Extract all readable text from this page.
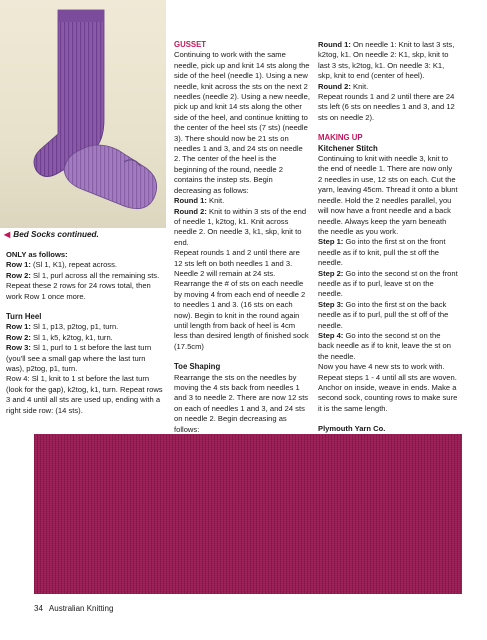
◀ Bed Socks continued.

ONLY as follows:
Row 1: (Sl 1, K1), repeat across.
Row 2: Sl 1, purl across all the remaining sts. Repeat these 2 rows for 24 rows total, then work Row 1 once more.

Turn Heel
Row 1: Sl 1, p13, p2tog, p1, turn.
Row 2: Sl 1, k5, k2tog, k1, turn.
Row 3: Sl 1, purl to 1 st before the last turn (you'll see a small gap where the last turn was), p2tog, p1, turn.
Row 4: Sl 1, knit to 1 st before the last turn (look for the gap), k2tog, k1, turn. Repeat rows 3 and 4 until all sts are used up, ending with a right side row: (14 sts).

GUSSET
Continuing to work with the same needle, pick up and knit 14 sts along the side of the heel (needle 1). Using a new needle, knit across the sts on the next 2 needles (needle 2). Using a new needle, pick up and knit 14 sts along the other side of the heel, and continue knitting to the center of the heel sts (7 sts) (needle 3). There should now be 21 sts on needles 1 and 3, and 24 sts on needle 2. The center of the heel is the beginning of the round, needle 2 contains the instep sts. Begin decreasing as follows:
Round 1: Knit.
Round 2: Knit to within 3 sts of the end of needle 1, k2tog, k1. Knit across needle 2. On needle 3, k1, skp, knit to end.
Repeat rounds 1 and 2 until there are 12 sts left on both needles 1 and 3. Needle 2 will remain at 24 sts. Rearrange the # of sts on each needle by moving 4 from each end of needle 2 to needles 1 and 3. (16 sts on each now). Begin to knit in the round again until length from back of heel is 4cm less than desired length of finished sock (17.5cm)

Toe Shaping
Rearrange the sts on the needles by moving the 4 sts back from needles 1 and 3 to needle 2. There are now 12 sts on each of needles 1 and 3, and 24 sts on needle 2. Begin decreasing as follows:

Round 1: On needle 1: Knit to last 3 sts, k2tog, k1. On needle 2: K1, skp, knit to last 3 sts, k2tog, k1. On needle 3: K1, skp, knit to end (center of heel).
Round 2: Knit.
Repeat rounds 1 and 2 until there are 24 sts left (6 sts on needles 1 and 3, and 12 sts on needle 2).

MAKING UP
Kitchener Stitch
Continuing to knit with needle 3, knit to the end of needle 1. There are now only 2 needles in use, 12 sts on each. Cut the yarn, leaving 45cm. Thread it onto a blunt needle. Hold the 2 needles parallel, you will now have a front needle and a back needle. Always keep the yarn beneath the needle as you work.
Step 1: Go into the first st on the front needle as if to knit, pull the st off the needle.
Step 2: Go into the second st on the front needle as if to purl, leave st on the needle.
Step 3: Go into the first st on the back needle as if to purl, pull the st off of the needle.
Step 4: Go into the second st on the back needle as if to knit, leave the st on the needle.
Now you have 4 new sts to work with. Repeat steps 1 - 4 until all sts are woven. Anchor on inside, weave in ends. Make a second sock, counting rows to make sure it is the same length.

Plymouth Yarn Co.

34 Australian Knitting
